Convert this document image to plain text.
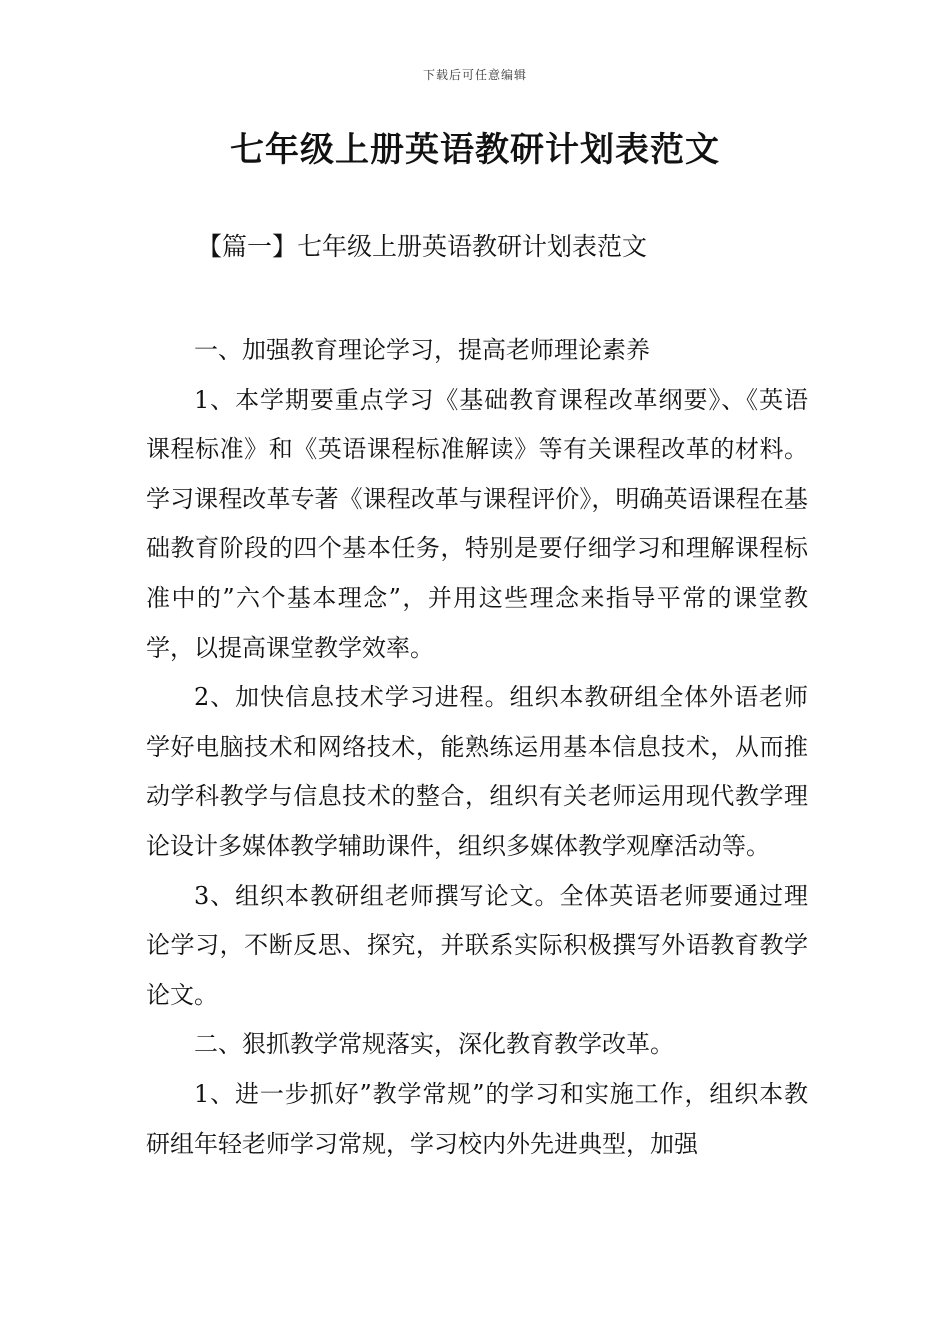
下载后可任意编辑
七年级上册英语教研计划表范文
【篇一】七年级上册英语教研计划表范文

一、加强教育理论学习，提高老师理论素养

1、本学期要重点学习《基础教育课程改革纲要》、《英语课程标准》和《英语课程标准解读》等有关课程改革的材料。学习课程改革专著《课程改革与课程评价》，明确英语课程在基础教育阶段的四个基本任务，特别是要仔细学习和理解课程标准中的”六个基本理念”，并用这些理念来指导平常的课堂教学，以提高课堂教学效率。

2、加快信息技术学习进程。组织本教研组全体外语老师学好电脑技术和网络技术，能熟练运用基本信息技术，从而推动学科教学与信息技术的整合，组织有关老师运用现代教学理论设计多媒体教学辅助课件，组织多媒体教学观摩活动等。

3、组织本教研组老师撰写论文。全体英语老师要通过理论学习，不断反思、探究，并联系实际积极撰写外语教育教学论文。

二、狠抓教学常规落实，深化教育教学改革。

1、进一步抓好”教学常规”的学习和实施工作，组织本教研组年轻老师学习常规，学习校内外先进典型，加强
